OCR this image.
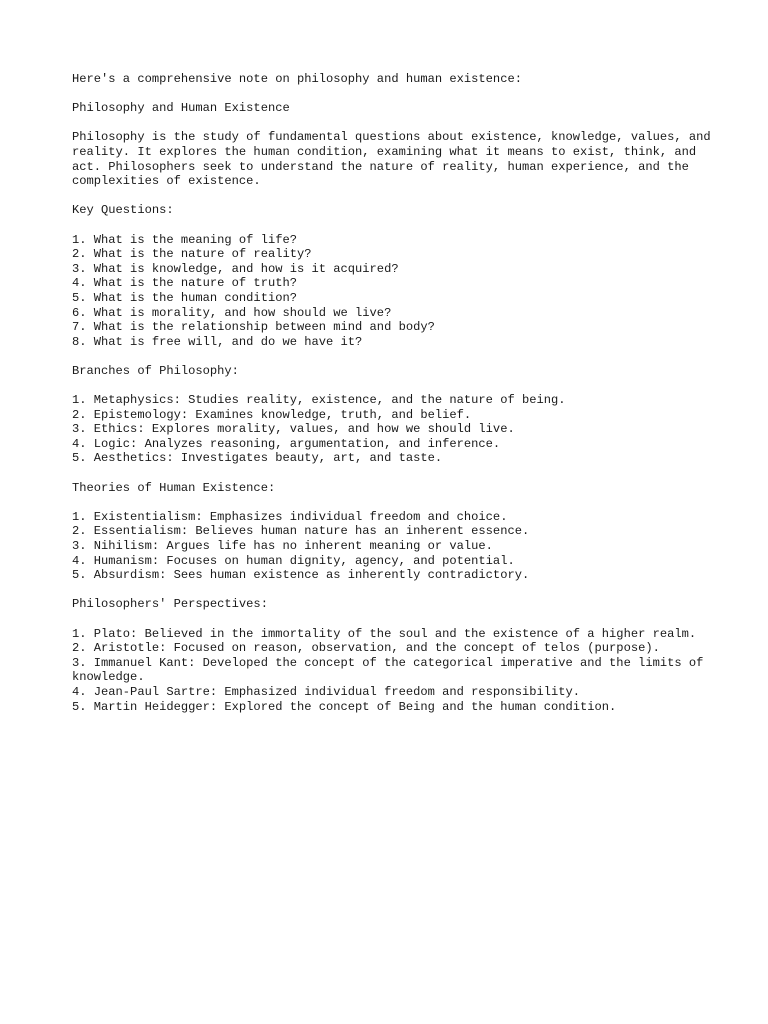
Here's a comprehensive note on philosophy and human existence:

Philosophy and Human Existence

Philosophy is the study of fundamental questions about existence, knowledge, values, and reality. It explores the human condition, examining what it means to exist, think, and act. Philosophers seek to understand the nature of reality, human experience, and the complexities of existence.

Key Questions:

1. What is the meaning of life?
2. What is the nature of reality?
3. What is knowledge, and how is it acquired?
4. What is the nature of truth?
5. What is the human condition?
6. What is morality, and how should we live?
7. What is the relationship between mind and body?
8. What is free will, and do we have it?

Branches of Philosophy:

1. Metaphysics: Studies reality, existence, and the nature of being.
2. Epistemology: Examines knowledge, truth, and belief.
3. Ethics: Explores morality, values, and how we should live.
4. Logic: Analyzes reasoning, argumentation, and inference.
5. Aesthetics: Investigates beauty, art, and taste.

Theories of Human Existence:

1. Existentialism: Emphasizes individual freedom and choice.
2. Essentialism: Believes human nature has an inherent essence.
3. Nihilism: Argues life has no inherent meaning or value.
4. Humanism: Focuses on human dignity, agency, and potential.
5. Absurdism: Sees human existence as inherently contradictory.

Philosophers' Perspectives:

1. Plato: Believed in the immortality of the soul and the existence of a higher realm.
2. Aristotle: Focused on reason, observation, and the concept of telos (purpose).
3. Immanuel Kant: Developed the concept of the categorical imperative and the limits of knowledge.
4. Jean-Paul Sartre: Emphasized individual freedom and responsibility.
5. Martin Heidegger: Explored the concept of Being and the human condition.
